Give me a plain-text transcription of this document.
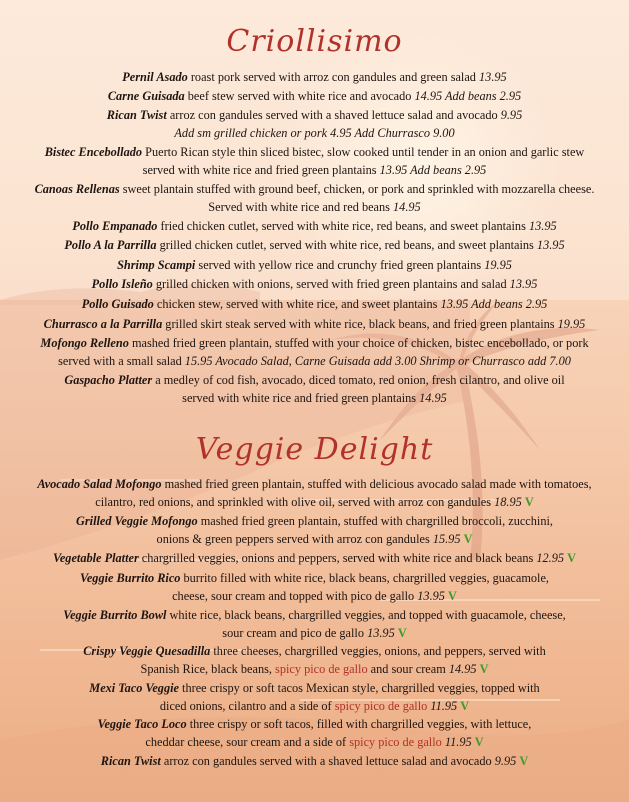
Criollisimo
Pernil Asado roast pork served with arroz con gandules and green salad 13.95
Carne Guisada beef stew served with white rice and avocado 14.95 Add beans 2.95
Rican Twist arroz con gandules served with a shaved lettuce salad and avocado 9.95
Add sm grilled chicken or pork 4.95 Add Churrasco 9.00
Bistec Encebollado Puerto Rican style thin sliced bistec, slow cooked until tender in an onion and garlic stew
served with white rice and fried green plantains 13.95 Add beans 2.95
Canoas Rellenas sweet plantain stuffed with ground beef, chicken, or pork and sprinkled with mozzarella cheese.
Served with white rice and red beans 14.95
Pollo Empanado fried chicken cutlet, served with white rice, red beans, and sweet plantains 13.95
Pollo A la Parrilla grilled chicken cutlet, served with white rice, red beans, and sweet plantains 13.95
Shrimp Scampi served with yellow rice and crunchy fried green plantains 19.95
Pollo Isleño grilled chicken with onions, served with fried green plantains and salad 13.95
Pollo Guisado chicken stew, served with white rice, and sweet plantains 13.95 Add beans 2.95
Churrasco a la Parrilla grilled skirt steak served with white rice, black beans, and fried green plantains 19.95
Mofongo Relleno mashed fried green plantain, stuffed with your choice of chicken, bistec encebollado, or pork
served with a small salad 15.95 Avocado Salad, Carne Guisada add 3.00 Shrimp or Churrasco add 7.00
Gaspacho Platter a medley of cod fish, avocado, diced tomato, red onion, fresh cilantro, and olive oil
served with white rice and fried green plantains 14.95
Veggie Delight
Avocado Salad Mofongo mashed fried green plantain, stuffed with delicious avocado salad made with tomatoes,
cilantro, red onions, and sprinkled with olive oil, served with arroz con gandules 18.95 V
Grilled Veggie Mofongo mashed fried green plantain, stuffed with chargrilled broccoli, zucchini,
onions & green peppers served with arroz con gandules 15.95 V
Vegetable Platter chargrilled veggies, onions and peppers, served with white rice and black beans 12.95 V
Veggie Burrito Rico burrito filled with white rice, black beans, chargrilled veggies, guacamole,
cheese, sour cream and topped with pico de gallo 13.95 V
Veggie Burrito Bowl white rice, black beans, chargrilled veggies, and topped with guacamole, cheese,
sour cream and pico de gallo 13.95 V
Crispy Veggie Quesadilla three cheeses, chargrilled veggies, onions, and peppers, served with
Spanish Rice, black beans, spicy pico de gallo and sour cream 14.95 V
Mexi Taco Veggie three crispy or soft tacos Mexican style, chargrilled veggies, topped with
diced onions, cilantro and a side of spicy pico de gallo 11.95 V
Veggie Taco Loco three crispy or soft tacos, filled with chargrilled veggies, with lettuce,
cheddar cheese, sour cream and a side of spicy pico de gallo 11.95 V
Rican Twist arroz con gandules served with a shaved lettuce salad and avocado 9.95 V
